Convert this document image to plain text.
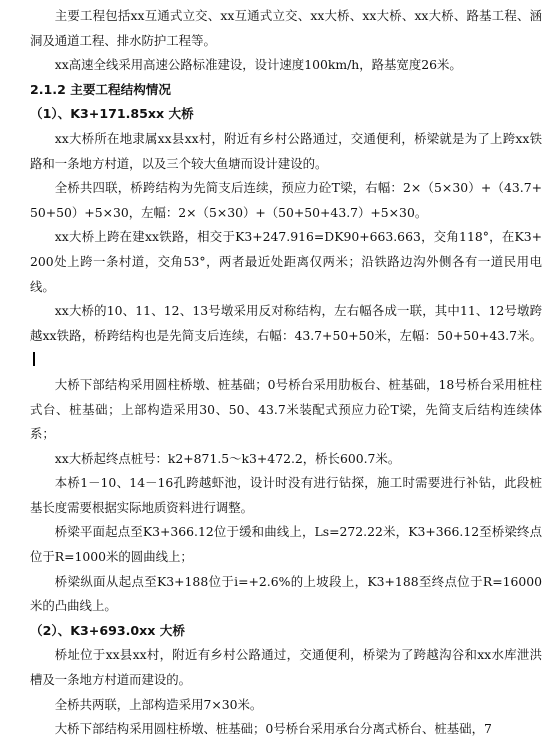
主要工程包括xx互通式立交、xx互通式立交、xx大桥、xx大桥、xx大桥、路基工程、涵洞及通道工程、排水防护工程等。

xx高速全线采用高速公路标准建设，设计速度100km/h，路基宽度26米。

2.1.2 主要工程结构情况

（1）、K3+171.85xx 大桥

xx大桥所在地隶属xx县xx村，附近有乡村公路通过，交通便利，桥梁就是为了上跨xx铁路和一条地方村道，以及三个较大鱼塘而设计建设的。

全桥共四联，桥跨结构为先简支后连续，预应力砼T梁，右幅：2×（5×30）+（43.7+50+50）+5×30，左幅：2×（5×30）+（50+50+43.7）+5×30。

xx大桥上跨在建xx铁路，相交于K3+247.916=DK90+663.663，交角118°，在K3+200处上跨一条村道，交角53°，两者最近处距离仅两米；沿铁路边沟外侧各有一道民用电线。

xx大桥的10、11、12、13号墩采用反对称结构，左右幅各成一联，其中11、12号墩跨越xx铁路，桥跨结构也是先简支后连续，右幅：43.7+50+50米，左幅：50+50+43.7米。

大桥下部结构采用圆柱桥墩、桩基础；0号桥台采用肋板台、桩基础，18号桥台采用桩柱式台、桩基础；上部构造采用30、50、43.7米装配式预应力砼T梁，先简支后结构连续体系；

xx大桥起终点桩号：k2+871.5～k3+472.2，桥长600.7米。

本桥1－10、14－16孔跨越虾池，设计时没有进行钻探，施工时需要进行补钻，此段桩基长度需要根据实际地质资料进行调整。

桥梁平面起点至K3+366.12位于缓和曲线上，Ls=272.22米，K3+366.12至桥梁终点位于R=1000米的圆曲线上；

桥梁纵面从起点至K3+188位于i=+2.6%的上坡段上，K3+188至终点位于R=16000米的凸曲线上。

（2）、K3+693.0xx 大桥

桥址位于xx县xx村，附近有乡村公路通过，交通便利，桥梁为了跨越沟谷和xx水库泄洪槽及一条地方村道而建设的。

全桥共两联，上部构造采用7×30米。

大桥下部结构采用圆柱桥墩、桩基础；0号桥台采用承台分离式桥台、桩基础，7
